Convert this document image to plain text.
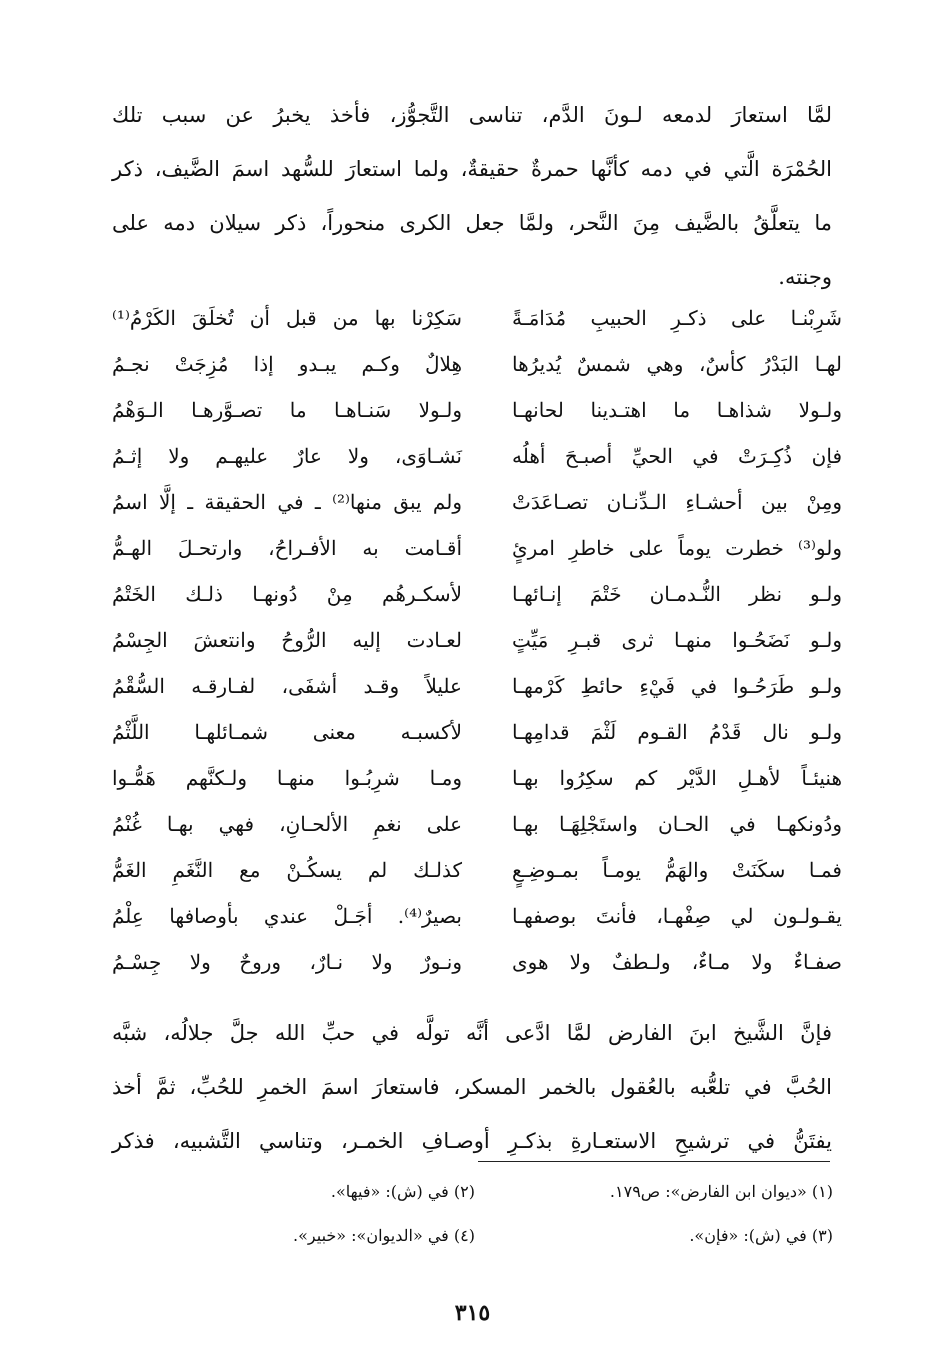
لمَّا استعارَ لدمعه لـونَ الدَّم، تناسى التَّجوُّز، فأخذ يخبرُ عن سبب تلك
الحُمْرَة الَّتي في دمه كأنَّها حمرةٌ حقيقةٌ، ولما استعارَ للسُّهد اسمَ الضَّيف، ذكر
ما يتعلَّقُ بالضَّيف مِنَ النَّحر، ولمَّا جعل الكرى منحوراً، ذكر سيلان دمه على
وجنته.
شَرِبْنـا على ذكـرِ الحبيبِ مُدَامَـةً
سَكِرْنا بها من قبل أن تُخلَقَ الكَرْمُ⁽¹⁾
لهـا البَدْرُ كأسٌ، وهي شمسٌ يُديرُها
هِلالٌ وكـم يبـدو إذا مُزِجَتْ نجـمُ
ولـولا شذاهـا ما اهتـدينا لحانهـا
ولـولا سَنـاهـا ما تصـوَّرهـا الـوَهْمُ
فإن ذُكِـرَتْ في الحيِّ أصبـحَ أهلُه
نَشـاوَى، ولا عارٌ عليهـم ولا إثـمُ
ومِنْ بين أحشـاءِ الـدِّنـان تصـاعَدَتْ
ولم يبق منها⁽²⁾ ـ في الحقيقة ـ إلَّا اسمُ
ولو⁽³⁾ خطرت يوماً على خاطرِ امرئٍ
أقـامت به الأفـراحُ، وارتحـلَ الهـمُّ
ولـو نظر النُّـدمـان خَتْمَ إنـائهـا
لأسكـرهُم مِنْ دُونهـا ذلـك الخَتْمُ
ولـو نَضَحُـوا منهـا ثرى قبـرِ مَيِّتٍ
لعـادت إليه الرُّوحُ وانتعشَ الجِسْمُ
ولـو طَرَحُـوا في فَيْءِ حائطِ كَرْمهـا
عليلاً وقـد أشفَى، لفـارقـه السُّقْمُ
ولـو نال قَدْمُ القـوم لَثْمَ قدامِهـا
لأكسبـه معنى شمـائلهـا اللَّثْمُ
هنيئـاً لأهـلِ الدَّيْر كم سكِرُوا بهـا
ومـا شرِبُـوا منهـا ولـكنَّهم هَمُّـوا
ودُونكهـا في الحـان واستَجْلِهَـا بهـا
على نغمِ الألحـانِ، فهي بهـا غُنْمُ
فمـا سكَنَتْ والهَمُّ يومـاً بمـوضِـعٍ
كذلـك لم يسكُـنْ مع النَّغَمِ الغَمُّ
يقـولـون لي صِفْهـا، فأنتَ بوصفهـا
بصيرٌ⁽⁴⁾. أجَـلْ عندي بأوصافها عِلْمُ
صفـاءٌ ولا مـاءٌ، ولـطفٌ ولا هوى
ونـورٌ ولا نـارٌ، وروحٌ ولا جِسْـمُ
فإنَّ الشَّيخ ابنَ الفارض لمَّا ادَّعى أنَّه تولَّه في حبِّ الله جلَّ جلالُه، شبَّه
الحُبَّ في تلعُّبه بالعُقول بالخمر المسكر، فاستعارَ اسمَ الخمرِ للحُبِّ، ثمَّ أخذ
يفتَنُّ في ترشيحِ الاستعـارةِ بذكـرِ أوصـافِ الخمـر، وتناسي التَّشبيه، فذكر
(١) «ديوان ابن الفارض»: ص١٧٩.
(٢) في (ش): «فيها».
(٣) في (ش): «فإن».
(٤) في «الديوان»: «خبير».
٣١٥
